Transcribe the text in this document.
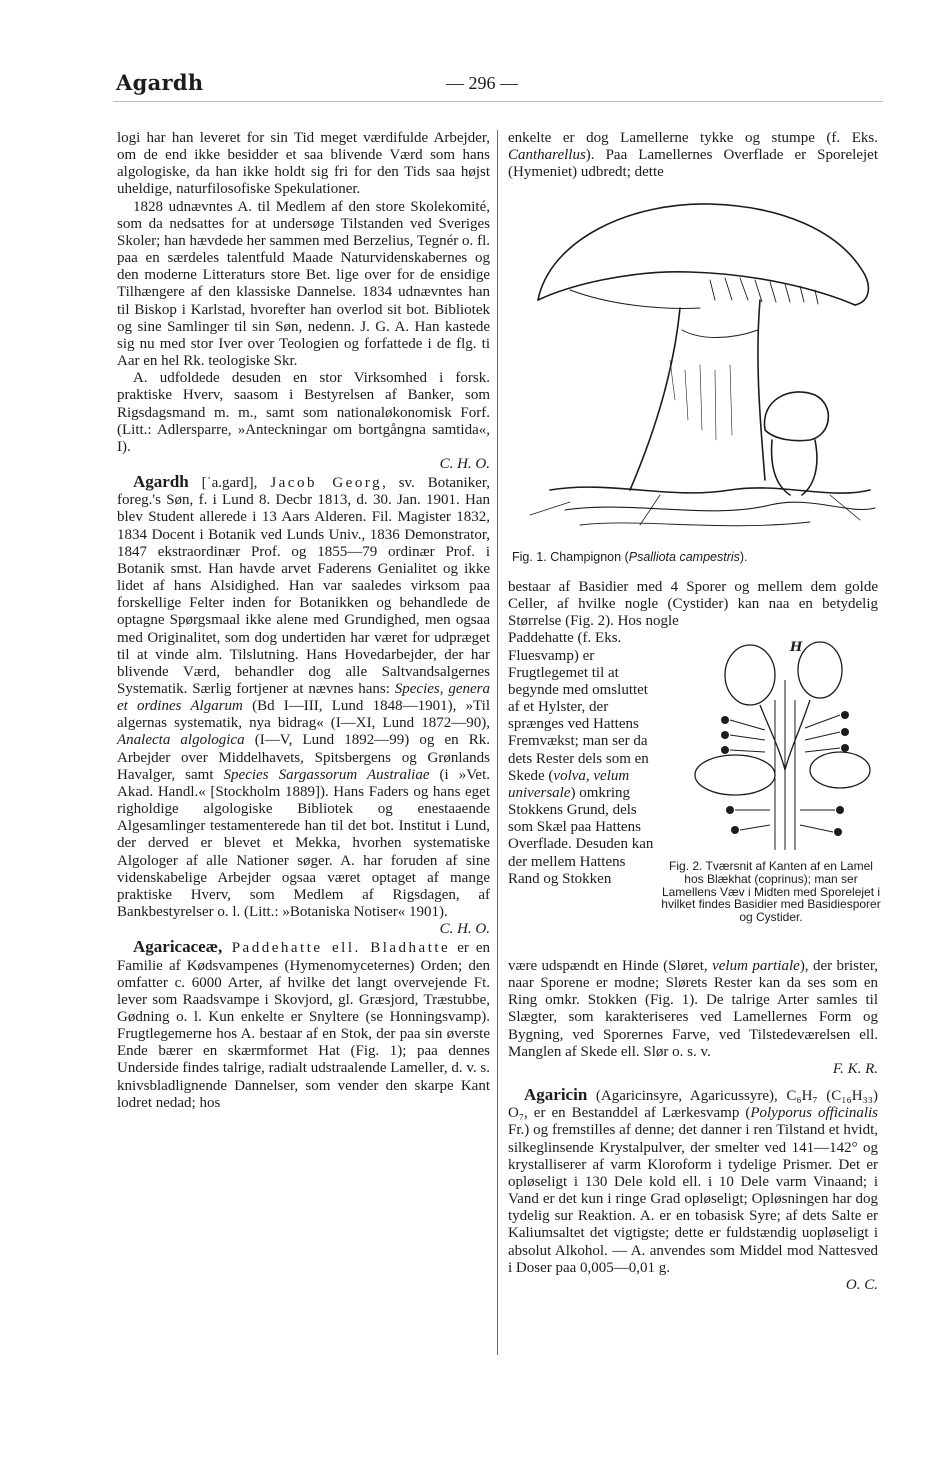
Agardh	— 296 —

logi har han leveret for sin Tid meget værdifulde Arbejder, om de end ikke besidder et saa blivende Værd som hans algologiske, da han ikke holdt sig fri for den Tids saa højst uheldige, naturfilosofiske Spekulationer.

1828 udnævntes A. til Medlem af den store Skolekomité, som da nedsattes for at undersøge Tilstanden ved Sveriges Skoler; han hævdede her sammen med Berzelius, Tegnér o. fl. paa en særdeles talentfuld Maade Naturvidenskabernes og den moderne Litteraturs store Bet. lige over for de ensidige Tilhængere af den klassiske Dannelse. 1834 udnævntes han til Biskop i Karlstad, hvorefter han overlod sit bot. Bibliotek og sine Samlinger til sin Søn, nedenn. J. G. A. Han kastede sig nu med stor Iver over Teologien og forfattede i de flg. ti Aar en hel Rk. teologiske Skr.

A. udfoldede desuden en stor Virksomhed i forsk. praktiske Hverv, saasom i Bestyrelsen af Banker, som Rigsdagsmand m. m., samt som nationaløkonomisk Forf. (Litt.: Adlersparre, »Anteckningar om bortgångna samtida«, I).

C. H. O.

Agardh [ˈa.gard], Jacob Georg, sv. Botaniker, foreg.'s Søn, f. i Lund 8. Decbr 1813, d. 30. Jan. 1901. Han blev Student allerede i 13 Aars Alderen. Fil. Magister 1832, 1834 Docent i Botanik ved Lunds Univ., 1836 Demonstrator, 1847 ekstraordinær Prof. og 1855—79 ordinær Prof. i Botanik smst. Han havde arvet Faderens Genialitet og ikke lidet af hans Alsidighed. Han var saaledes virksom paa forskellige Felter inden for Botanikken og behandlede de optagne Spørgsmaal ikke alene med Grundighed, men ogsaa med Originalitet, som dog undertiden har været for udpræget til at vinde alm. Tilslutning. Hans Hovedarbejder, der har blivende Værd, behandler dog alle Saltvandsalgernes Systematik. Særlig fortjener at nævnes hans: Species, genera et ordines Algarum (Bd I—III, Lund 1848—1901), »Til algernas systematik, nya bidrag« (I—XI, Lund 1872—90), Analecta algologica (I—V, Lund 1892—99) og en Rk. Arbejder over Middelhavets, Spitsbergens og Grønlands Havalger, samt Species Sargassorum Australiae (i »Vet. Akad. Handl.« [Stockholm 1889]). Hans Faders og hans eget righoldige algologiske Bibliotek og enestaaende Algesamlinger testamenterede han til det bot. Institut i Lund, der derved er blevet et Mekka, hvorhen systematiske Algologer af alle Nationer søger. A. har foruden af sine videnskabelige Arbejder ogsaa været optaget af mange praktiske Hverv, som Medlem af Rigsdagen, af Bankbestyrelser o. l. (Litt.: »Botaniska Notiser« 1901).

C. H. O.

Agaricaceæ, Paddehatte ell. Bladhatte er en Familie af Kødsvampenes (Hymenomyceternes) Orden; den omfatter c. 6000 Arter, af hvilke det langt overvejende Ft. lever som Raadsvampe i Skovjord, gl. Græsjord, Træstubbe, Gødning o. l. Kun enkelte er Snyltere (se Honningsvamp). Frugtlegemerne hos A. bestaar af en Stok, der paa sin øverste Ende bærer en skærmformet Hat (Fig. 1); paa dennes Underside findes talrige, radialt udstraalende Lameller, d. v. s. knivsbladlignende Dannelser, som vender den skarpe Kant lodret nedad; hos

enkelte er dog Lamellerne tykke og stumpe (f. Eks. Cantharellus). Paa Lamellernes Overflade er Sporelejet (Hymeniet) udbredt; dette

Fig. 1. Champignon (Psalliota campestris).

bestaar af Basidier med 4 Sporer og mellem dem golde Celler, af hvilke nogle (Cystider) kan naa en betydelig Størrelse (Fig. 2). Hos nogle

Paddehatte (f. Eks. Fluesvamp) er Frugtlegemet til at begynde med omsluttet af et Hylster, der sprænges ved Hattens Fremvækst; man ser da dets Rester dels som en Skede (volva, velum universale) omkring Stokkens Grund, dels som Skæl paa Hattens Overflade. Desuden kan der mellem Hattens Rand og Stokken

H
Fig. 2. Tværsnit af Kanten af en Lamel hos Blækhat (coprinus); man ser Lamellens Væv i Midten med Sporelejet i hvilket findes Basidier med Basidiesporer og Cystider.

være udspændt en Hinde (Sløret, velum partiale), der brister, naar Sporene er modne; Slørets Rester kan da ses som en Ring omkr. Stokken (Fig. 1). De talrige Arter samles til Slægter, som karakteriseres ved Lamellernes Form og Bygning, ved Sporernes Farve, ved Tilstedeværelsen ell. Manglen af Skede ell. Slør o. s. v.

F. K. R.

Agaricin (Agaricinsyre, Agaricussyre), C₆H₇ (C₁₆H₃₃) O₇, er en Bestanddel af Lærkesvamp (Polyporus officinalis Fr.) og fremstilles af denne; det danner i ren Tilstand et hvidt, silkeglinsende Krystalpulver, der smelter ved 141—142° og krystalliserer af varm Kloroform i tydelige Prismer. Det er opløseligt i 130 Dele kold ell. i 10 Dele varm Vinaand; i Vand er det kun i ringe Grad opløseligt; Opløsningen har dog tydelig sur Reaktion. A. er en tobasisk Syre; af dets Salte er Kaliumsaltet det vigtigste; dette er fuldstændig uopløseligt i absolut Alkohol. — A. anvendes som Middel mod Nattesved i Doser paa 0,005—0,01 g.

O. C.
